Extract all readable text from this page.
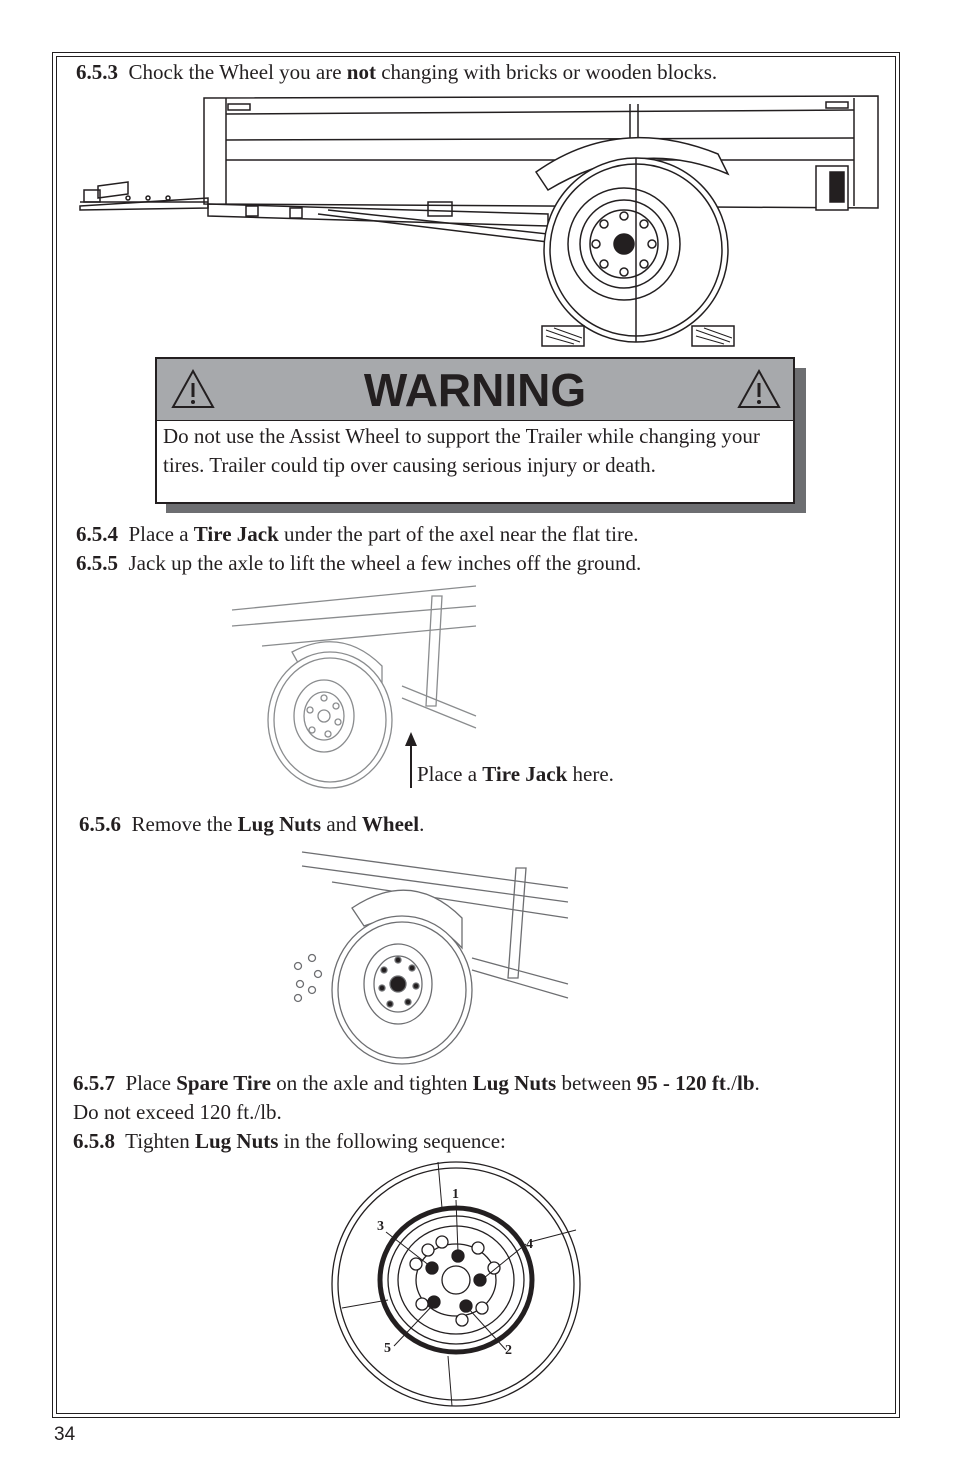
6.5.3 Chock the Wheel you are not changing with bricks or wooden blocks.
WARNING
Do not use the Assist Wheel to support the Trailer while changing your tires. Trailer could tip over causing serious injury or death.
6.5.4 Place a Tire Jack under the part of the axel near the flat tire.
6.5.5 Jack up the axle to lift the wheel a few inches off the ground.
Place a Tire Jack here.
6.5.6 Remove the Lug Nuts and Wheel.
6.5.7 Place Spare Tire on the axle and tighten Lug Nuts between 95 - 120 ft./lb.
Do not exceed 120 ft./lb.
6.5.8 Tighten Lug Nuts in the following sequence:
1
2
3
4
5
34
